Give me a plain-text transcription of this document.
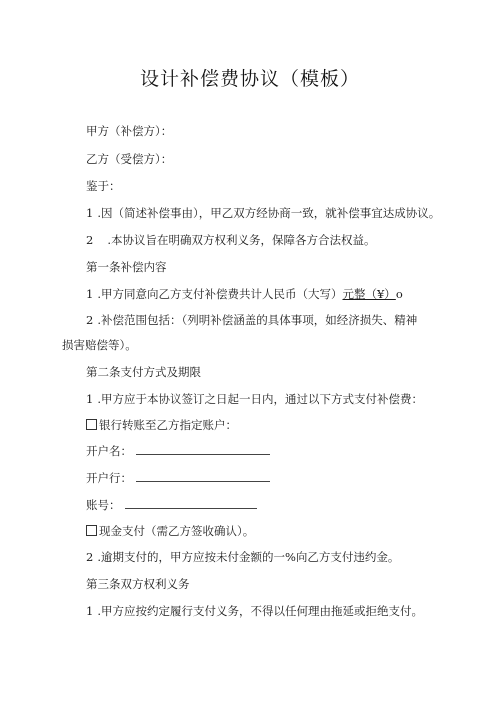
设计补偿费协议（模板）
甲方（补偿方）：
乙方（受偿方）：
鉴于：
1 .因（简述补偿事由），甲乙双方经协商一致，就补偿事宜达成协议。
2 .本协议旨在明确双方权利义务，保障各方合法权益。
第一条补偿内容
1 .甲方同意向乙方支付补偿费共计人民币（大写）元整（¥）o
2 .补偿范围包括：（列明补偿涵盖的具体事项，如经济损失、精神
损害赔偿等）。
第二条支付方式及期限
1 .甲方应于本协议签订之日起一日内，通过以下方式支付补偿费：
银行转账至乙方指定账户：
开户名：
开户行：
账号：
现金支付（需乙方签收确认）。
2 .逾期支付的，甲方应按未付金额的一%向乙方支付违约金。
第三条双方权利义务
1 .甲方应按约定履行支付义务，不得以任何理由拖延或拒绝支付。
